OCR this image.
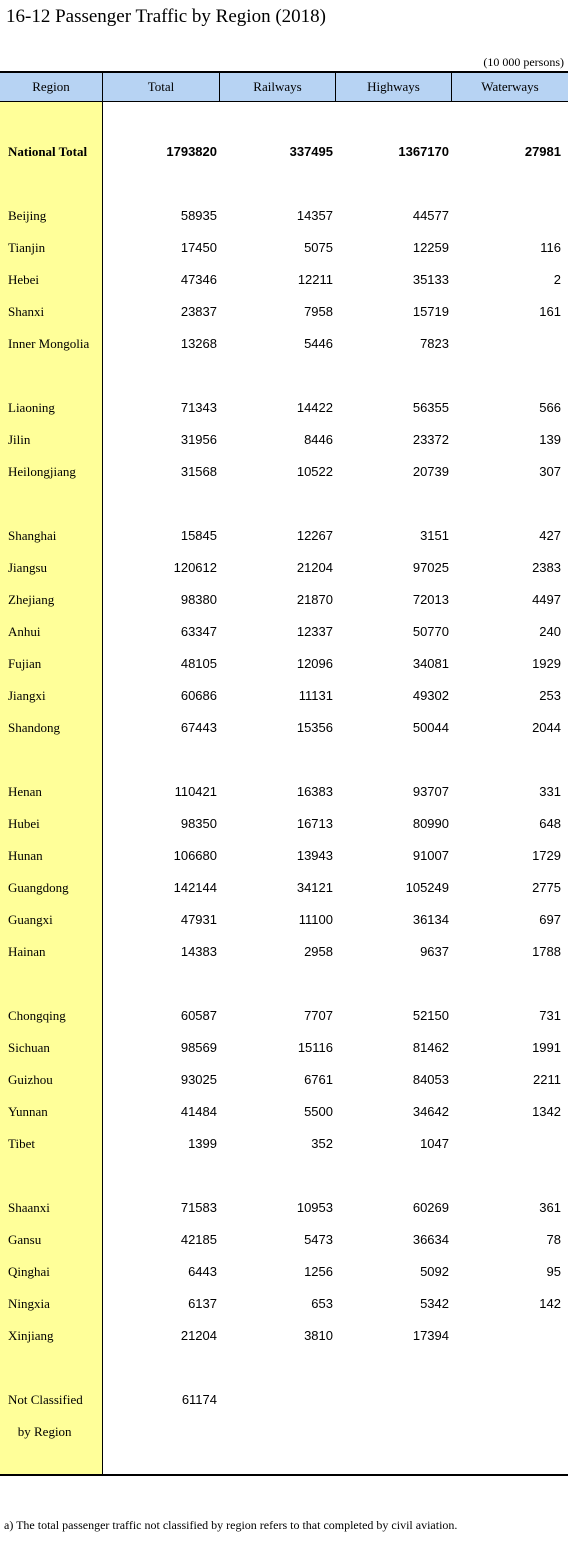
16-12 Passenger Traffic by Region (2018)
(10 000 persons)
Region	Total	Railways	Highways	Waterways
National Total	1793820	337495	1367170	27981
Beijing	58935	14357	44577
Tianjin	17450	5075	12259	116
Hebei	47346	12211	35133	2
Shanxi	23837	7958	15719	161
Inner Mongolia	13268	5446	7823
Liaoning	71343	14422	56355	566
Jilin	31956	8446	23372	139
Heilongjiang	31568	10522	20739	307
Shanghai	15845	12267	3151	427
Jiangsu	120612	21204	97025	2383
Zhejiang	98380	21870	72013	4497
Anhui	63347	12337	50770	240
Fujian	48105	12096	34081	1929
Jiangxi	60686	11131	49302	253
Shandong	67443	15356	50044	2044
Henan	110421	16383	93707	331
Hubei	98350	16713	80990	648
Hunan	106680	13943	91007	1729
Guangdong	142144	34121	105249	2775
Guangxi	47931	11100	36134	697
Hainan	14383	2958	9637	1788
Chongqing	60587	7707	52150	731
Sichuan	98569	15116	81462	1991
Guizhou	93025	6761	84053	2211
Yunnan	41484	5500	34642	1342
Tibet	1399	352	1047
Shaanxi	71583	10953	60269	361
Gansu	42185	5473	36634	78
Qinghai	6443	1256	5092	95
Ningxia	6137	653	5342	142
Xinjiang	21204	3810	17394
Not Classified	61174
by Region
a) The total passenger traffic not classified by region refers to that completed by civil aviation.
